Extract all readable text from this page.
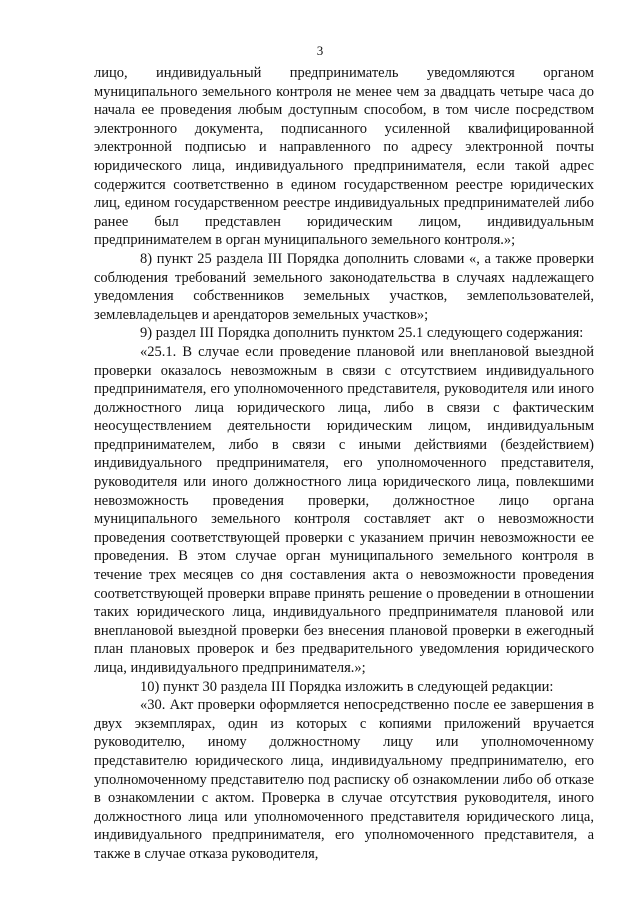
3

лицо, индивидуальный предприниматель уведомляются органом муниципального земельного контроля не менее чем за двадцать четыре часа до начала ее проведения любым доступным способом, в том числе посредством электронного документа, подписанного усиленной квалифицированной электронной подписью и направленного по адресу электронной почты юридического лица, индивидуального предпринимателя, если такой адрес содержится соответственно в едином государственном реестре юридических лиц, едином государственном реестре индивидуальных предпринимателей либо ранее был представлен юридическим лицом, индивидуальным предпринимателем в орган муниципального земельного контроля.»;

8) пункт 25 раздела III Порядка дополнить словами «, а также проверки соблюдения требований земельного законодательства в случаях надлежащего уведомления собственников земельных участков, землепользователей, землевладельцев и арендаторов земельных участков»;

9) раздел III Порядка дополнить пунктом 25.1 следующего содержания:

«25.1. В случае если проведение плановой или внеплановой выездной проверки оказалось невозможным в связи с отсутствием индивидуального предпринимателя, его уполномоченного представителя, руководителя или иного должностного лица юридического лица, либо в связи с фактическим неосуществлением деятельности юридическим лицом, индивидуальным предпринимателем, либо в связи с иными действиями (бездействием) индивидуального предпринимателя, его уполномоченного представителя, руководителя или иного должностного лица юридического лица, повлекшими невозможность проведения проверки, должностное лицо органа муниципального земельного контроля составляет акт о невозможности проведения соответствующей проверки с указанием причин невозможности ее проведения. В этом случае орган муниципального земельного контроля в течение трех месяцев со дня составления акта о невозможности проведения соответствующей проверки вправе принять решение о проведении в отношении таких юридического лица, индивидуального предпринимателя плановой или внеплановой выездной проверки без внесения плановой проверки в ежегодный план плановых проверок и без предварительного уведомления юридического лица, индивидуального предпринимателя.»;

10) пункт 30 раздела III Порядка изложить в следующей редакции:

«30. Акт проверки оформляется непосредственно после ее завершения в двух экземплярах, один из которых с копиями приложений вручается руководителю, иному должностному лицу или уполномоченному представителю юридического лица, индивидуальному предпринимателю, его уполномоченному представителю под расписку об ознакомлении либо об отказе в ознакомлении с актом. Проверка в случае отсутствия руководителя, иного должностного лица или уполномоченного представителя юридического лица, индивидуального предпринимателя, его уполномоченного представителя, а также в случае отказа руководителя,
